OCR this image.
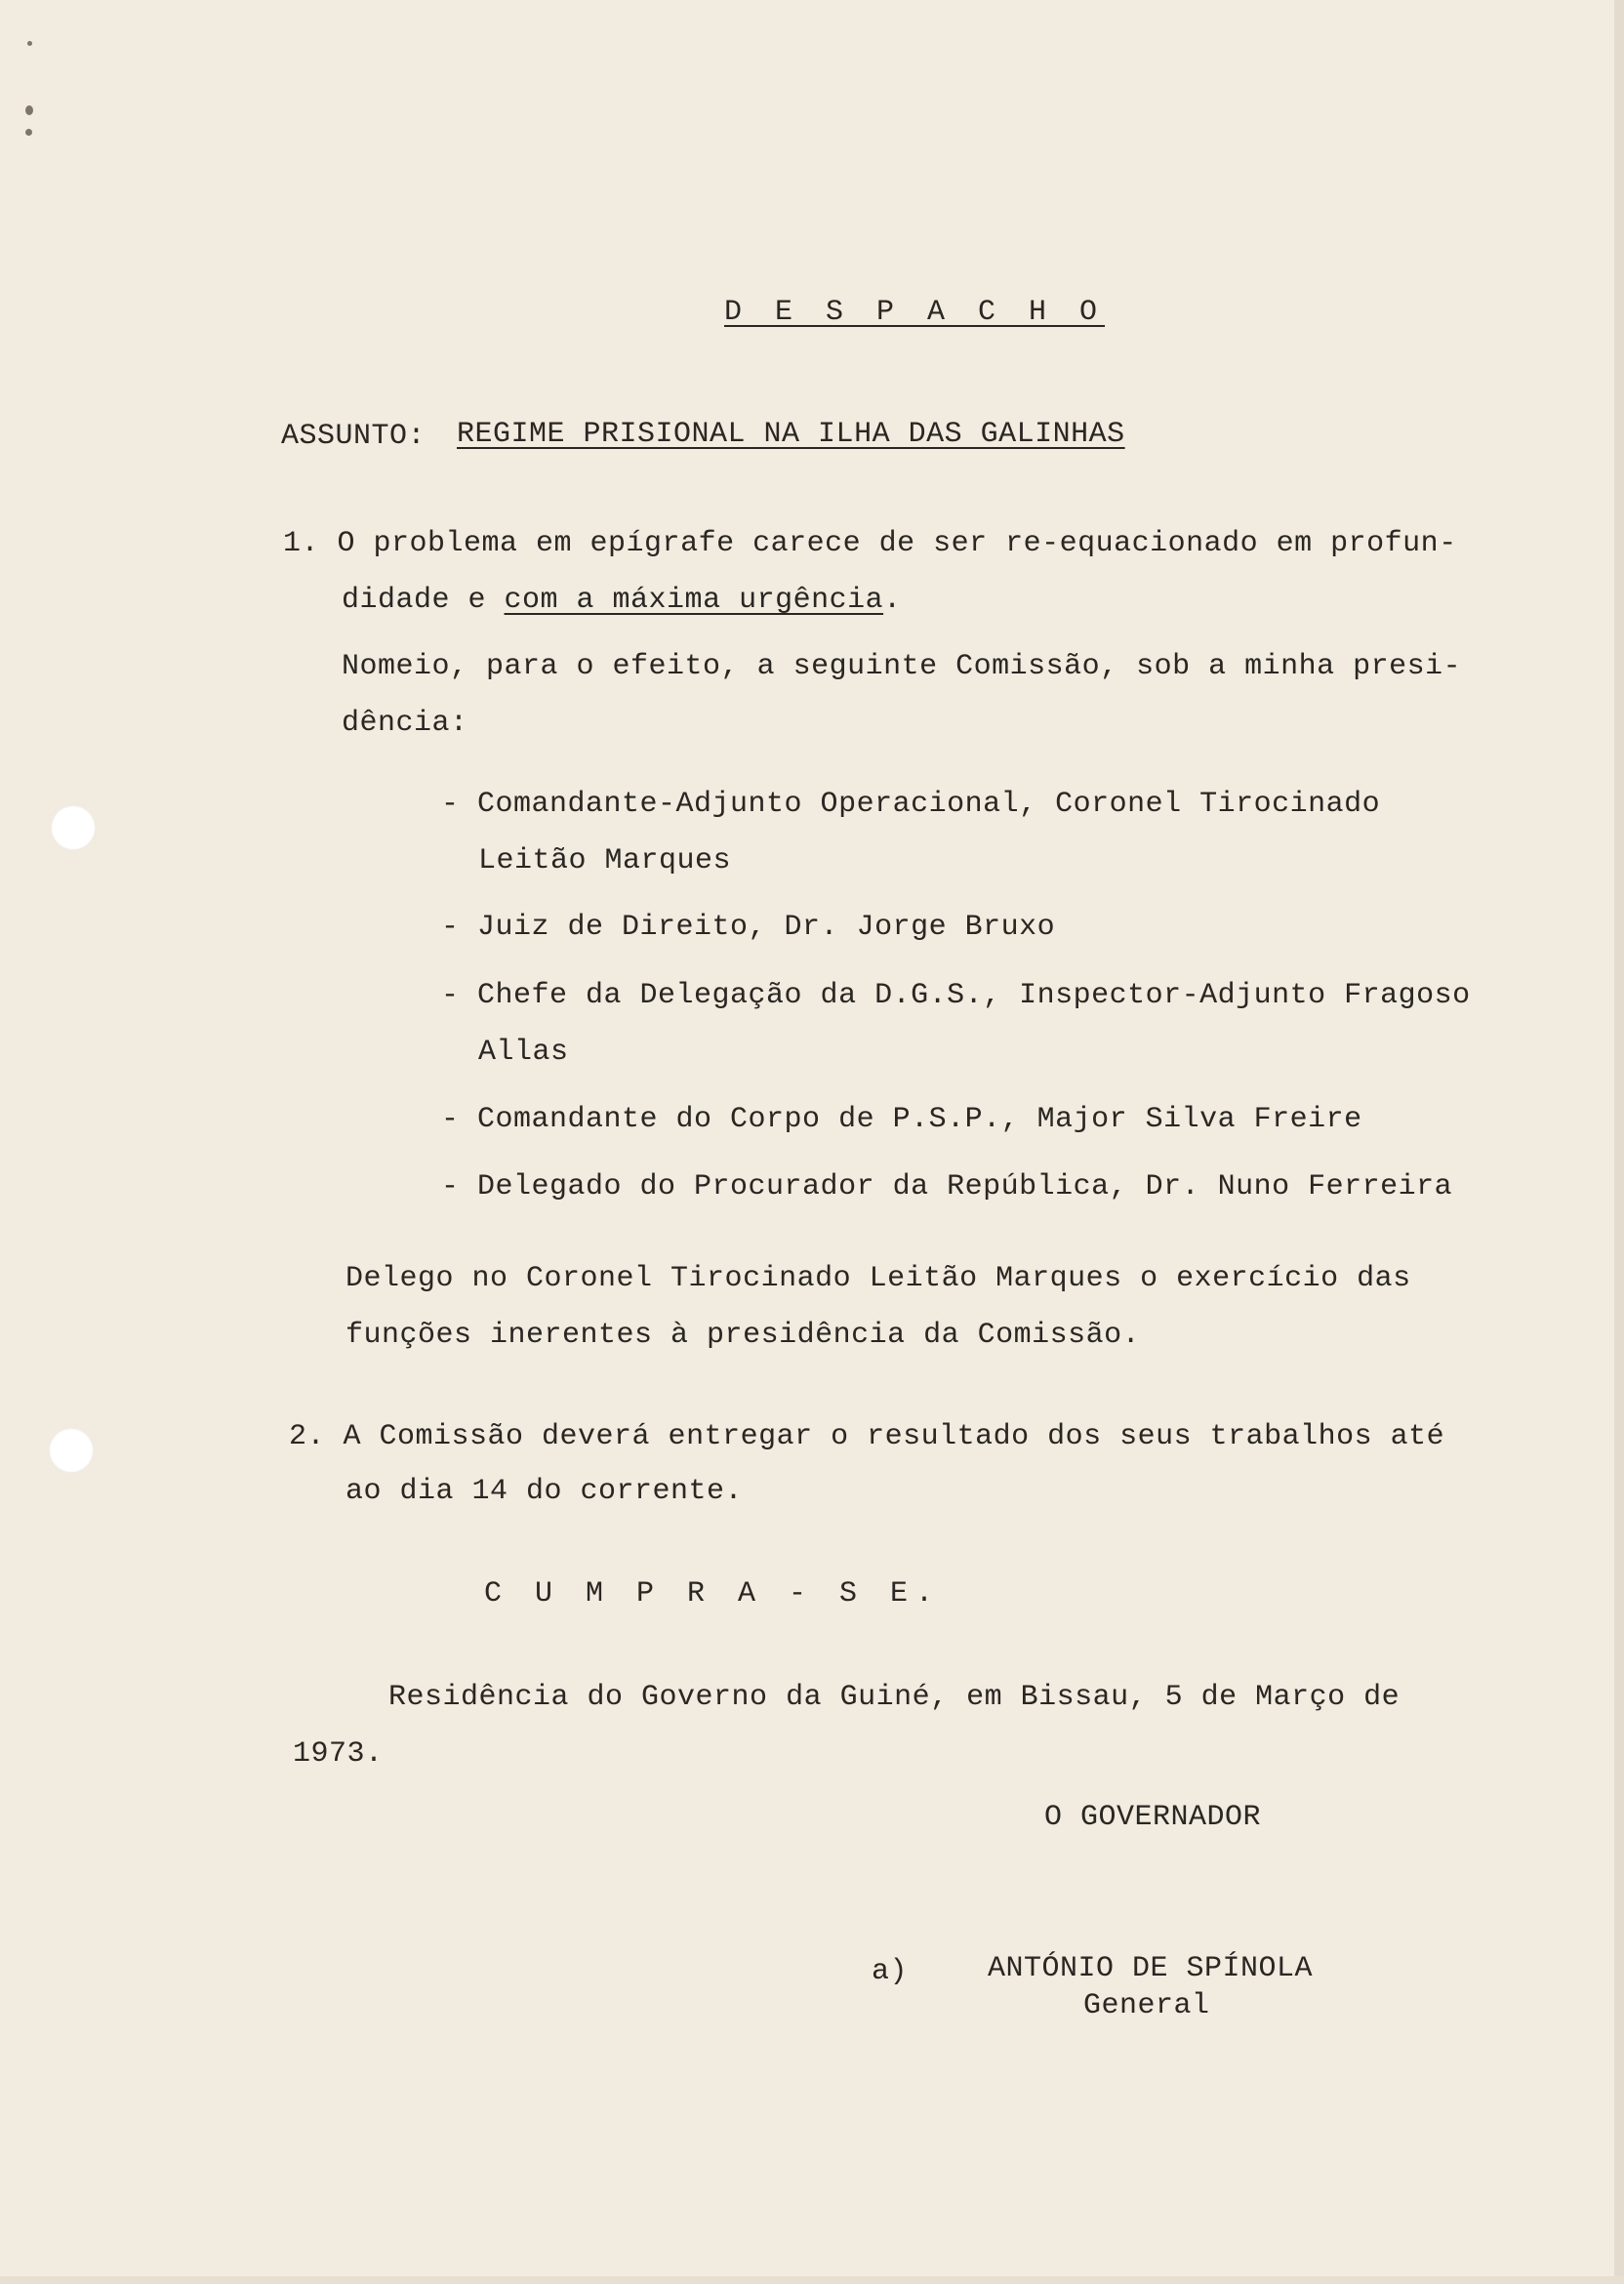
D E S P A C H O
ASSUNTO: REGIME PRISIONAL NA ILHA DAS GALINHAS
1. O problema em epígrafe carece de ser re-equacionado em profun-
didade e com a máxima urgência.
Nomeio, para o efeito, a seguinte Comissão, sob a minha presi-
dência:
- Comandante-Adjunto Operacional, Coronel Tirocinado
Leitão Marques
- Juiz de Direito, Dr. Jorge Bruxo
- Chefe da Delegação da D.G.S., Inspector-Adjunto Fragoso
Allas
- Comandante do Corpo de P.S.P., Major Silva Freire
- Delegado do Procurador da República, Dr. Nuno Ferreira
Delego no Coronel Tirocinado Leitão Marques o exercício das
funções inerentes à presidência da Comissão.
2. A Comissão deverá entregar o resultado dos seus trabalhos até
ao dia 14 do corrente.
C U M P R A - S E.
Residência do Governo da Guiné, em Bissau, 5 de Março de
1973.
O GOVERNADOR
a)	ANTÓNIO DE SPÍNOLA
General
